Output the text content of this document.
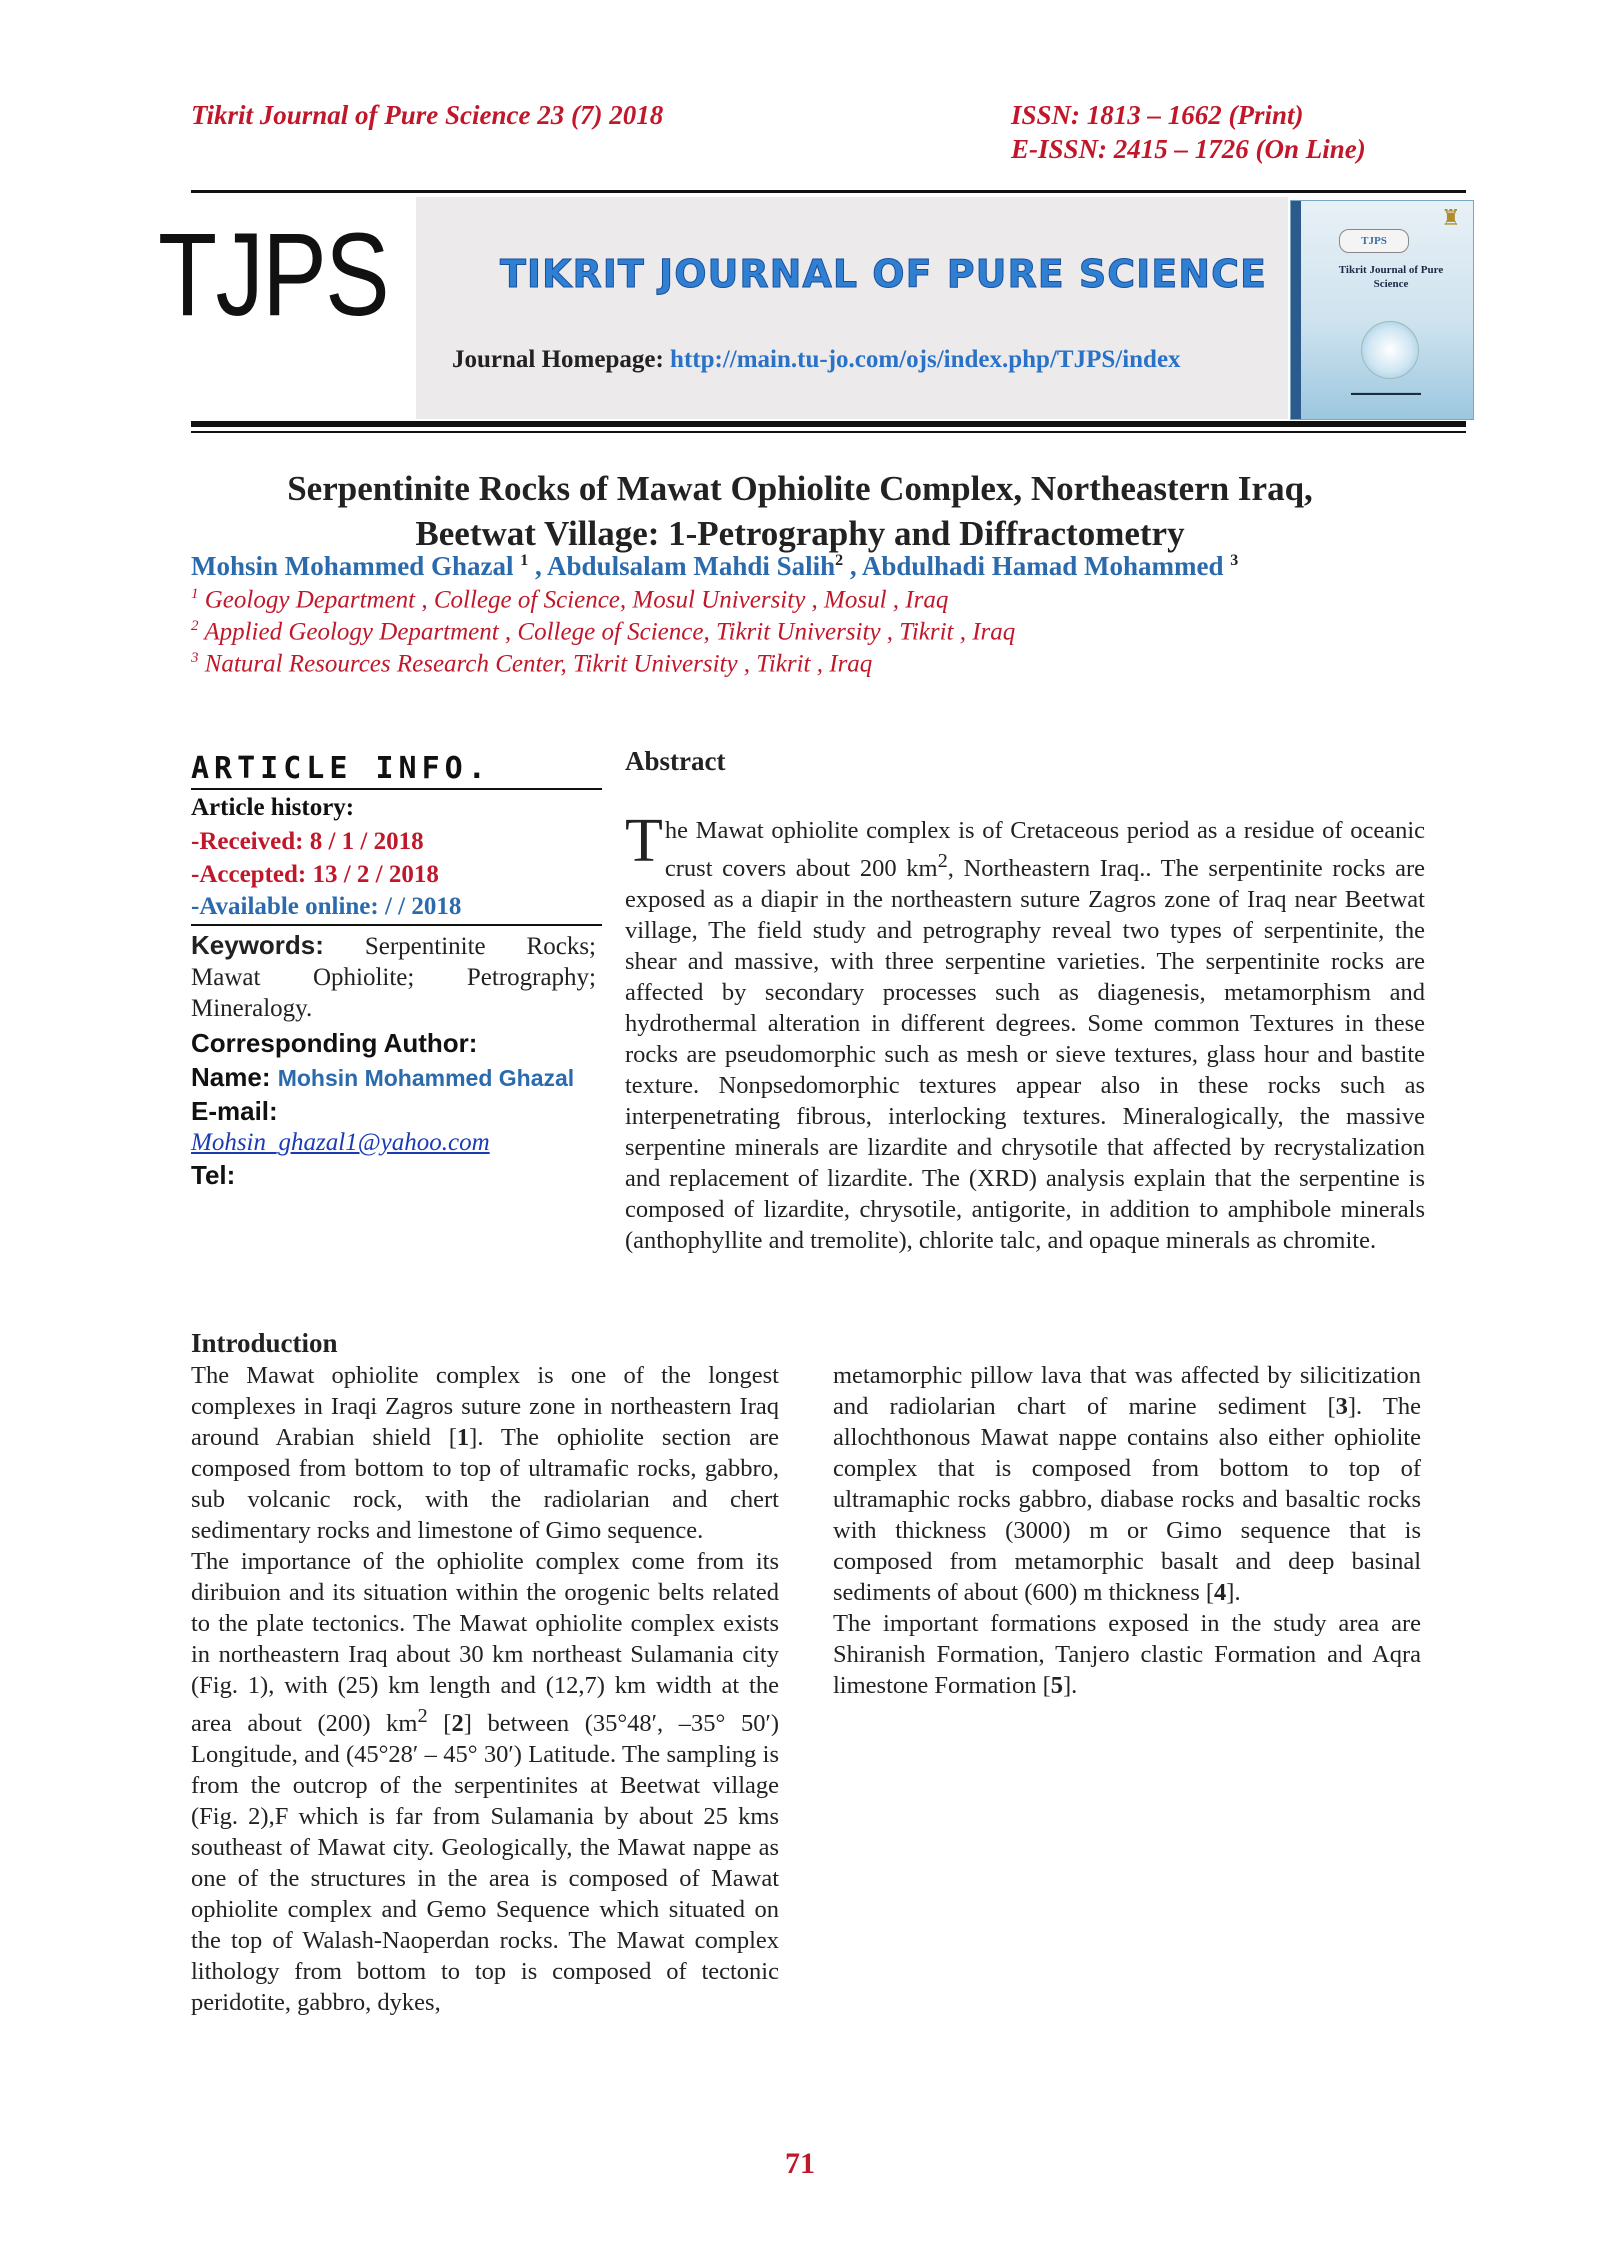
Tikrit Journal of Pure Science 23 (7) 2018	ISSN: 1813 – 1662 (Print)
E-ISSN: 2415 – 1726 (On Line)
TJPS	TIKRIT JOURNAL OF PURE SCIENCE
Journal Homepage: http://main.tu-jo.com/ojs/index.php/TJPS/index
♜
TJPS
Tikrit Journal of Pure Science
▬▬▬▬▬▬▬▬▬▬
Serpentinite Rocks of Mawat Ophiolite Complex, Northeastern Iraq,
Beetwat Village: 1-Petrography and Diffractometry
Mohsin Mohammed Ghazal $^1$ , Abdulsalam Mahdi Salih$^2$ , Abdulhadi Hamad Mohammed $^3$
$^1$ Geology Department , College of Science, Mosul University , Mosul , Iraq
$^2$ Applied Geology Department , College of Science, Tikrit University , Tikrit , Iraq
$^3$ Natural Resources Research Center, Tikrit University , Tikrit , Iraq
ARTICLE INFO.
Article history:
-Received: 8 / 1 / 2018
-Accepted: 13 / 2 / 2018
-Available online: / / 2018
Keywords: Serpentinite Rocks; Mawat Ophiolite; Petrography; Mineralogy.
Corresponding Author:
Name: Mohsin Mohammed Ghazal
E-mail:
Mohsin_ghazal1@yahoo.com
Tel:
Abstract
The Mawat ophiolite complex is of Cretaceous period as a residue of oceanic crust covers about 200 $km^2$, Northeastern Iraq.. The serpentinite rocks are exposed as a diapir in the northeastern suture Zagros zone of Iraq near Beetwat village, The field study and petrography reveal two types of serpentinite, the shear and massive, with three serpentine varieties. The serpentinite rocks are affected by secondary processes such as diagenesis, metamorphism and hydrothermal alteration in different degrees. Some common Textures in these rocks are pseudomorphic such as mesh or sieve textures, glass hour and bastite texture. Nonpsedomorphic textures appear also in these rocks such as interpenetrating fibrous, interlocking textures. Mineralogically, the massive serpentine minerals are lizardite and chrysotile that affected by recrystalization and replacement of lizardite. The (XRD) analysis explain that the serpentine is composed of lizardite, chrysotile, antigorite, in addition to amphibole minerals (anthophyllite and tremolite), chlorite talc, and opaque minerals as chromite.
Introduction

The Mawat ophiolite complex is one of the longest complexes in Iraqi Zagros suture zone in northeastern Iraq around Arabian shield [1]. The ophiolite section are composed from bottom to top of ultramafic rocks, gabbro, sub volcanic rock, with the radiolarian and chert sedimentary rocks and limestone of Gimo sequence.

The importance of the ophiolite complex come from its diribuion and its situation within the orogenic belts related to the plate tectonics. The Mawat ophiolite complex exists in northeastern Iraq about 30 km northeast Sulamania city (Fig. 1), with (25) km length and (12,7) km width at the area about (200) $km^2$ [2] between (35°48′, –35° 50′) Longitude, and (45°28′ – 45° 30′) Latitude. The sampling is from the outcrop of the serpentinites at Beetwat village (Fig. 2),F which is far from Sulamania by about 25 kms southeast of Mawat city. Geologically, the Mawat nappe as one of the structures in the area is composed of Mawat ophiolite complex and Gemo Sequence which situated on the top of Walash-Naoperdan rocks. The Mawat complex lithology from bottom to top is composed of tectonic peridotite, gabbro, dykes,

metamorphic pillow lava that was affected by silicitization and radiolarian chart of marine sediment [3]. The allochthonous Mawat nappe contains also either ophiolite complex that is composed from bottom to top of ultramaphic rocks gabbro, diabase rocks and basaltic rocks with thickness (3000) m or Gimo sequence that is composed from metamorphic basalt and deep basinal sediments of about (600) m thickness [4].

The important formations exposed in the study area are Shiranish Formation, Tanjero clastic Formation and Aqra limestone Formation [5].

71
